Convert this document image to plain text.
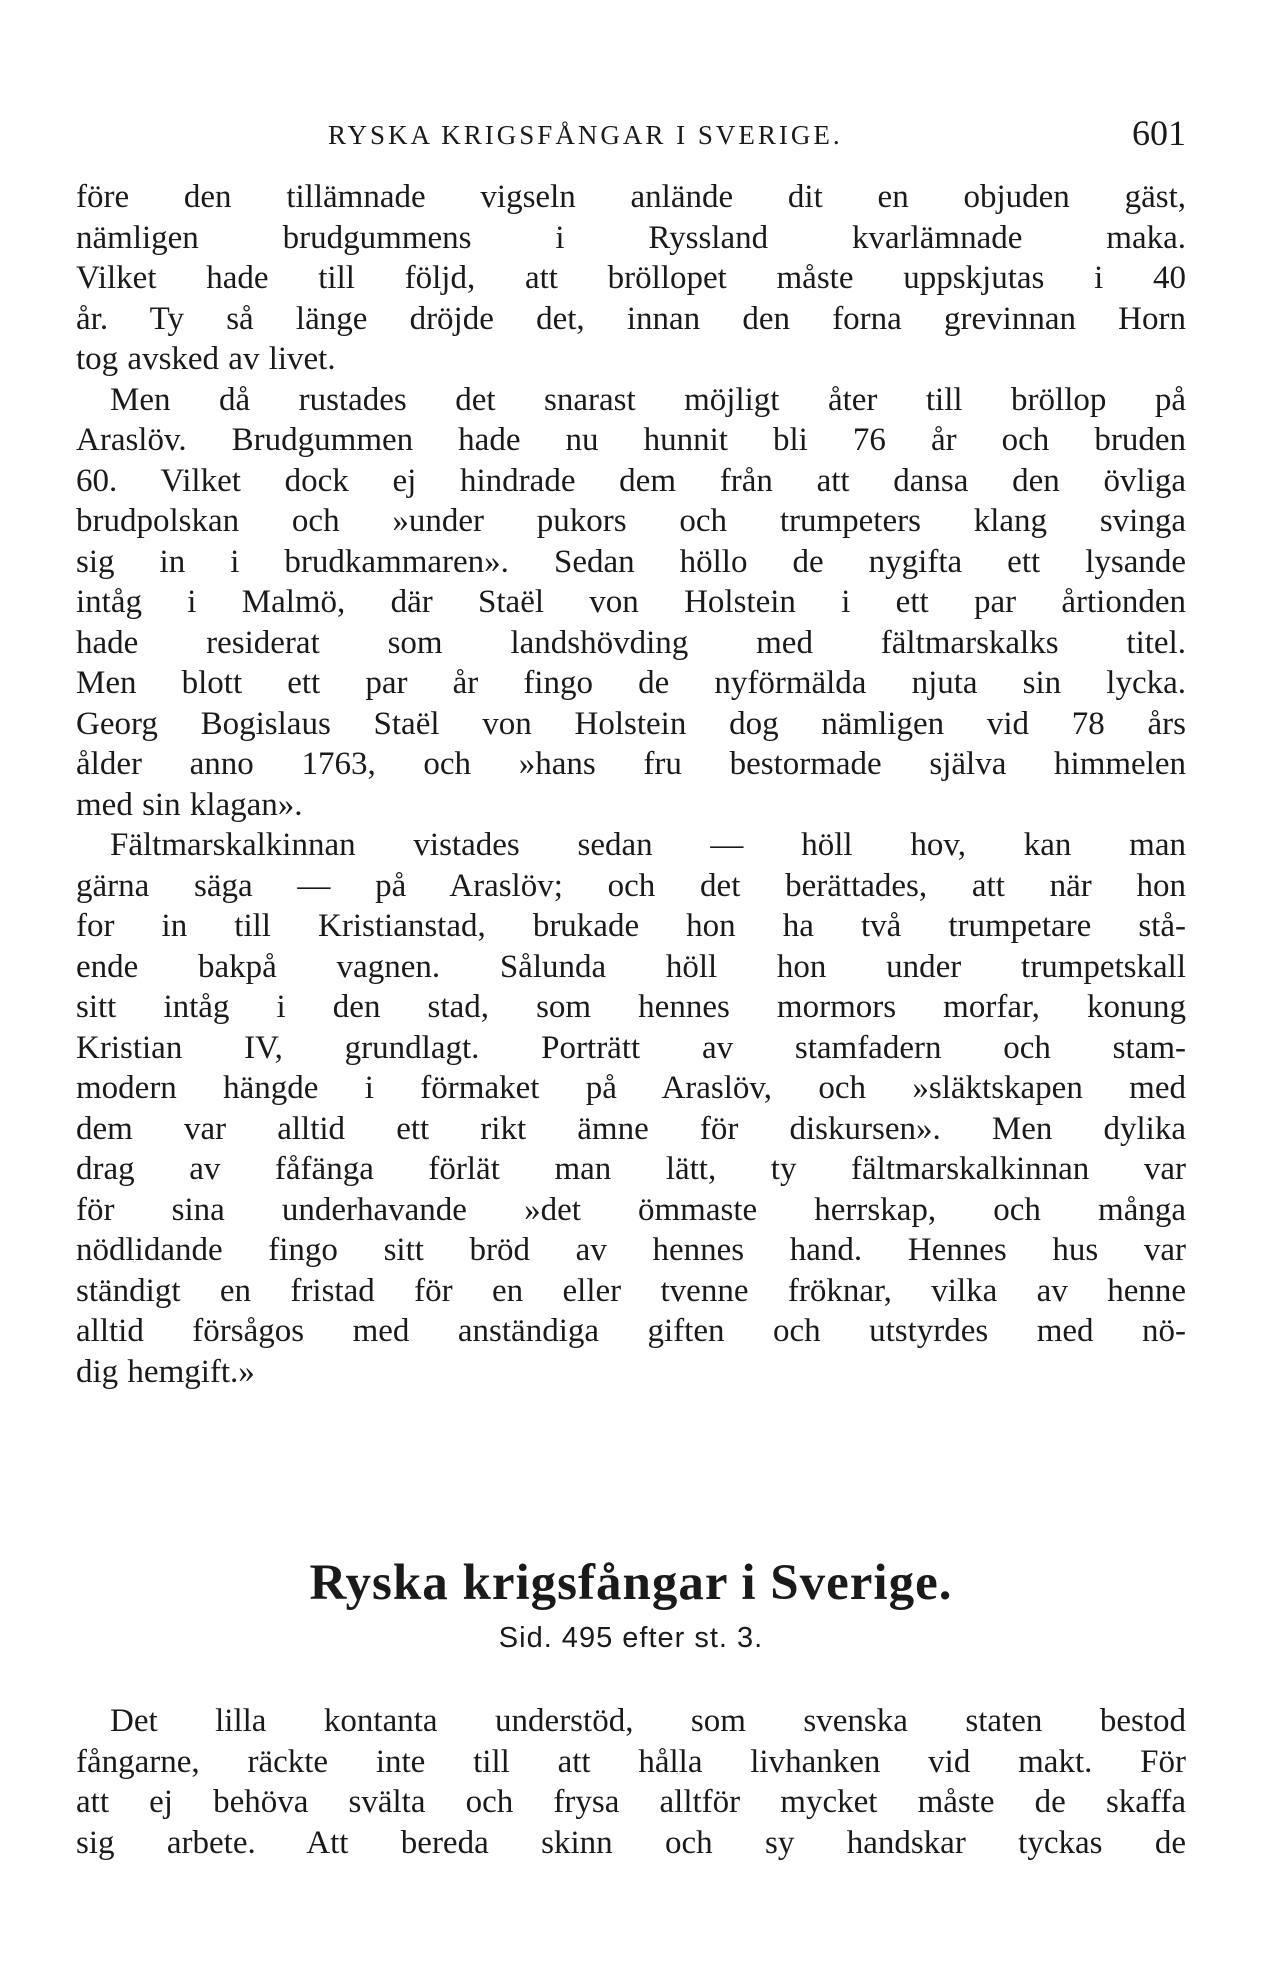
RYSKA KRIGSFÅNGAR I SVERIGE.	601
före den tillämnade vigseln anlände dit en objuden gäst,
nämligen brudgummens i Ryssland kvarlämnade maka.
Vilket hade till följd, att bröllopet måste uppskjutas i 40
år. Ty så länge dröjde det, innan den forna grevinnan Horn
tog avsked av livet.
Men då rustades det snarast möjligt åter till bröllop på
Araslöv. Brudgummen hade nu hunnit bli 76 år och bruden
60. Vilket dock ej hindrade dem från att dansa den övliga
brudpolskan och »under pukors och trumpeters klang svinga
sig in i brudkammaren». Sedan höllo de nygifta ett lysande
intåg i Malmö, där Staël von Holstein i ett par årtionden
hade residerat som landshövding med fältmarskalks titel.
Men blott ett par år fingo de nyförmälda njuta sin lycka.
Georg Bogislaus Staël von Holstein dog nämligen vid 78 års
ålder anno 1763, och »hans fru bestormade själva himmelen
med sin klagan».
Fältmarskalkinnan vistades sedan — höll hov, kan man
gärna säga — på Araslöv; och det berättades, att när hon
for in till Kristianstad, brukade hon ha två trumpetare stå-
ende bakpå vagnen. Sålunda höll hon under trumpetskall
sitt intåg i den stad, som hennes mormors morfar, konung
Kristian IV, grundlagt. Porträtt av stamfadern och stam-
modern hängde i förmaket på Araslöv, och »släktskapen med
dem var alltid ett rikt ämne för diskursen». Men dylika
drag av fåfänga förlät man lätt, ty fältmarskalkinnan var
för sina underhavande »det ömmaste herrskap, och många
nödlidande fingo sitt bröd av hennes hand. Hennes hus var
ständigt en fristad för en eller tvenne fröknar, vilka av henne
alltid försågos med anständiga giften och utstyrdes med nö-
dig hemgift.»
Ryska krigsfångar i Sverige.
Sid. 495 efter st. 3.
Det lilla kontanta understöd, som svenska staten bestod
fångarne, räckte inte till att hålla livhanken vid makt. För
att ej behöva svälta och frysa alltför mycket måste de skaffa
sig arbete. Att bereda skinn och sy handskar tyckas de
